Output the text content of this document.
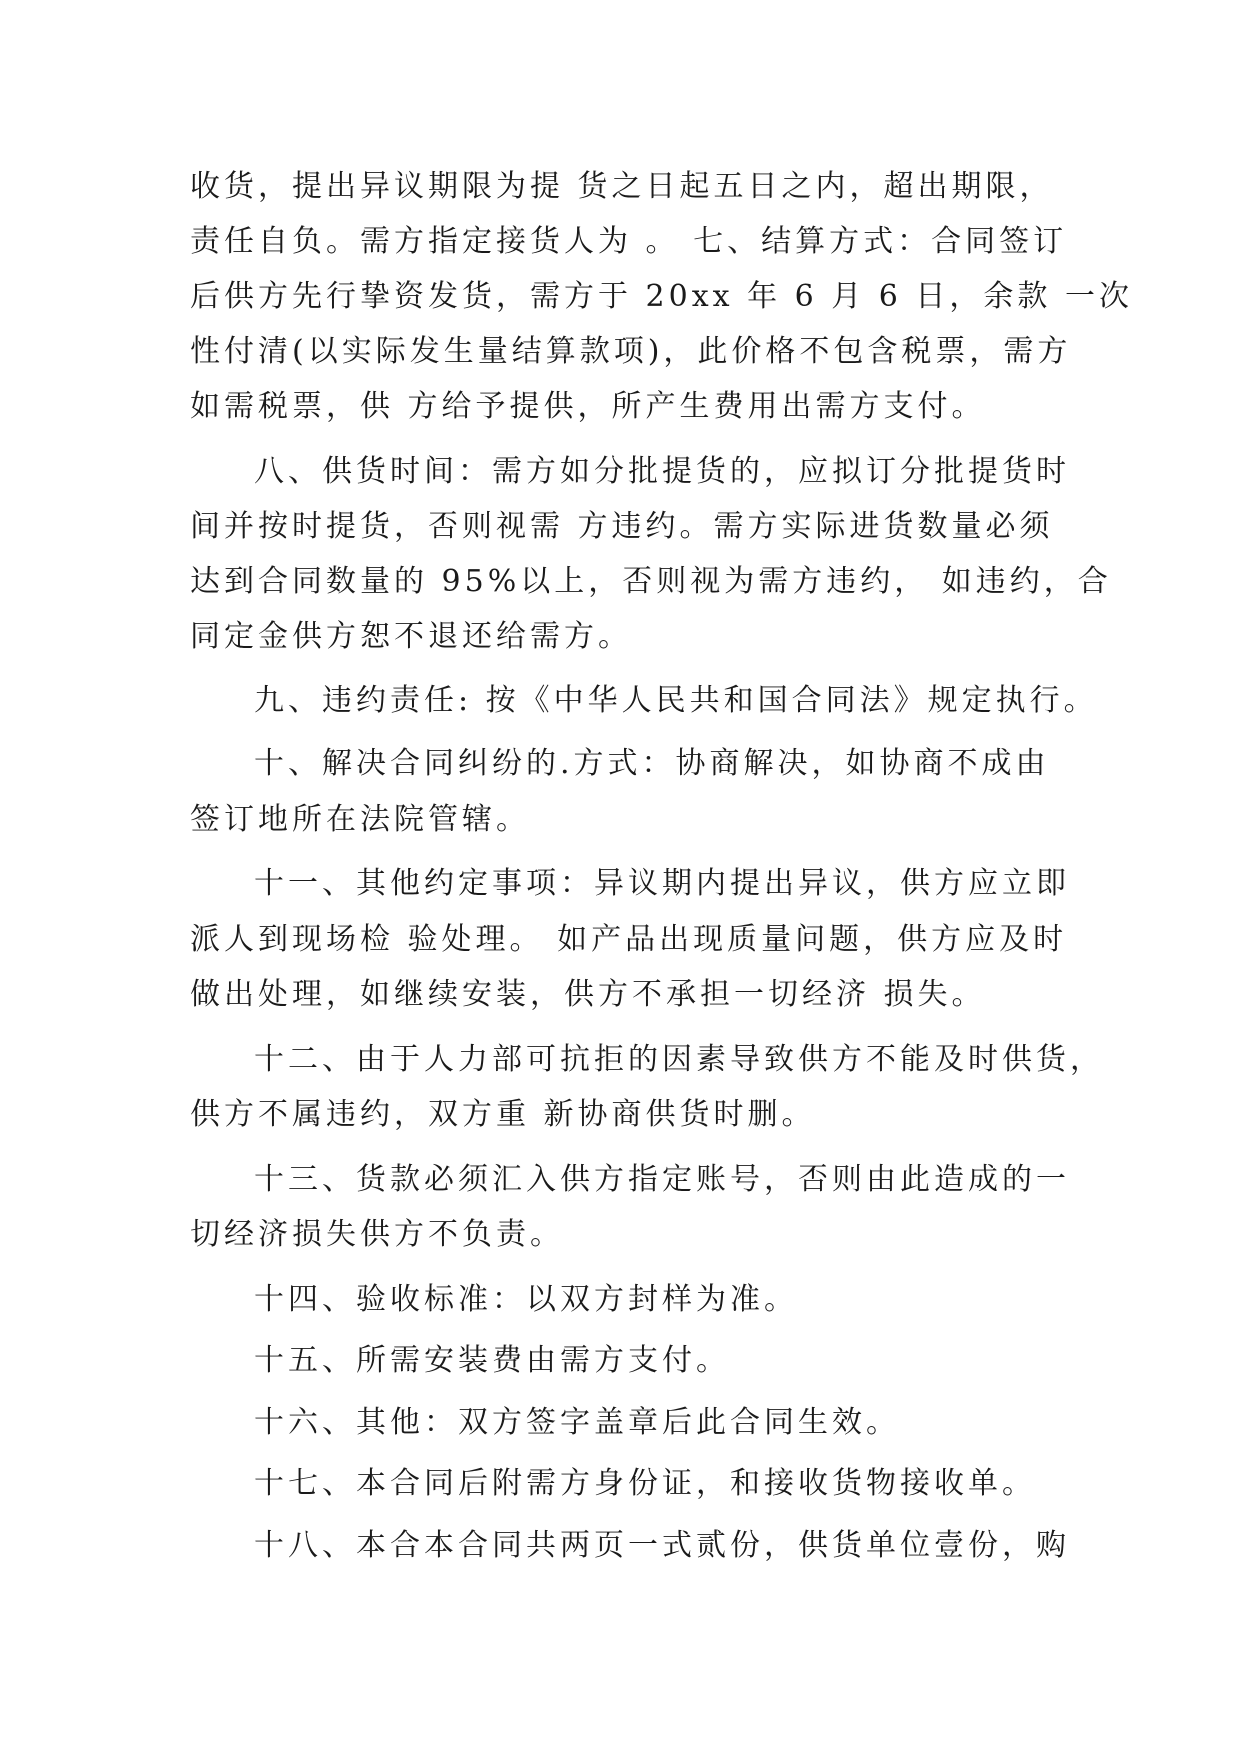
收货，提出异议期限为提 货之日起五日之内，超出期限，
责任自负。需方指定接货人为 。 七、结算方式：合同签订
后供方先行挚资发货，需方于 20xx 年 6 月 6 日，余款 一次
性付清(以实际发生量结算款项)，此价格不包含税票，需方
如需税票，供 方给予提供，所产生费用出需方支付。
八、供货时间：需方如分批提货的，应拟订分批提货时
间并按时提货，否则视需 方违约。需方实际进货数量必须
达到合同数量的 95%以上，否则视为需方违约， 如违约，合
同定金供方恕不退还给需方。
九、违约责任: 按《中华人民共和国合同法》规定执行。
十、解决合同纠纷的.方式：协商解决，如协商不成由
签订地所在法院管辖。
十一、其他约定事项：异议期内提出异议，供方应立即
派人到现场检 验处理。 如产品出现质量问题，供方应及时
做出处理，如继续安装，供方不承担一切经济 损失。
十二、由于人力部可抗拒的因素导致供方不能及时供货，
供方不属违约，双方重 新协商供货时删。
十三、货款必须汇入供方指定账号，否则由此造成的一
切经济损失供方不负责。
十四、验收标准：以双方封样为准。
十五、所需安装费由需方支付。
十六、其他：双方签字盖章后此合同生效。
十七、本合同后附需方身份证，和接收货物接收单。
十八、本合本合同共两页一式贰份，供货单位壹份，购
